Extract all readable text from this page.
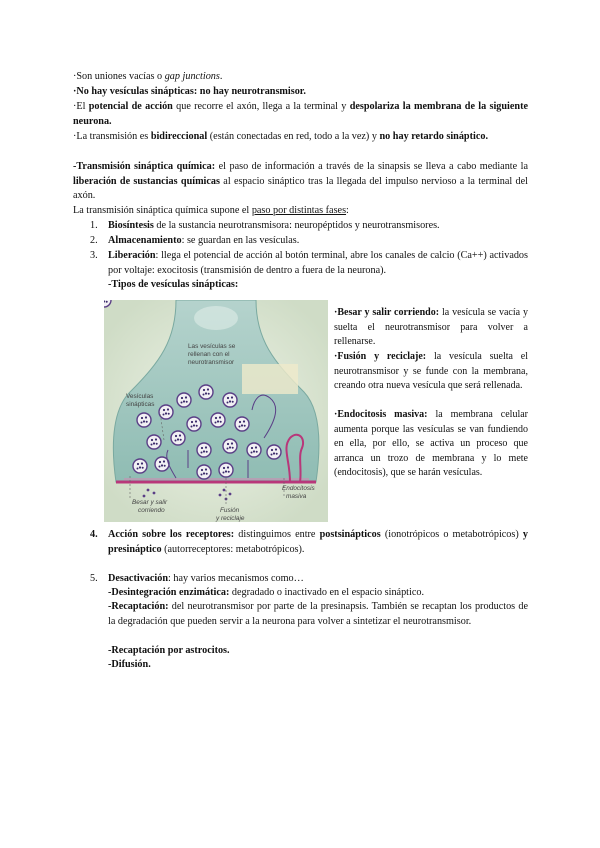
·Son uniones vacías o gap junctions.

·No hay vesículas sinápticas: no hay neurotransmisor.

·El potencial de acción que recorre el axón, llega a la terminal y despolariza la membrana de la siguiente neurona.

·La transmisión es bidireccional (están conectadas en red, todo a la vez) y no hay retardo sináptico.

-Transmisión sináptica química: el paso de información a través de la sinapsis se lleva a cabo mediante la liberación de sustancias químicas al espacio sináptico tras la llegada del impulso nervioso a la terminal del axón.

La transmisión sináptica química supone el paso por distintas fases:

1. Biosíntesis de la sustancia neurotransmisora: neuropéptidos y neurotransmisores.

2. Almacenamiento: se guardan en las vesículas.

3. Liberación: llega el potencial de acción al botón terminal, abre los canales de calcio (Ca++) activados por voltaje: exocitosis (transmisión de dentro a fuera de la neurona).

-Tipos de vesículas sinápticas:

Las vesículas se
rellenan con el
neurotransmisor
Vesículas
sinápticas
Besar y salir
corriendo	Fusión
y reciclaje
Endocitosis
masiva

·Besar y salir corriendo: la vesícula se vacía y suelta el neurotransmisor para volver a rellenarse.

·Fusión y reciclaje: la vesícula suelta el neurotransmisor y se funde con la membrana, creando otra nueva vesícula que será rellenada.

·Endocitosis masiva: la membrana celular aumenta porque las vesículas se van fundiendo en ella, por ello, se activa un proceso que arranca un trozo de membrana y lo mete (endocitosis), que se harán vesículas.

4. Acción sobre los receptores: distinguimos entre postsinápticos (ionotrópicos o metabotrópicos) y presináptico (autorreceptores: metabotrópicos).

5. Desactivación: hay varios mecanismos como…

-Desintegración enzimática: degradado o inactivado en el espacio sináptico.

-Recaptación: del neurotransmisor por parte de la presinapsis. También se recaptan los productos de la degradación que pueden servir a la neurona para volver a sintetizar el neurotransmisor.

-Recaptación por astrocitos.

-Difusión.
